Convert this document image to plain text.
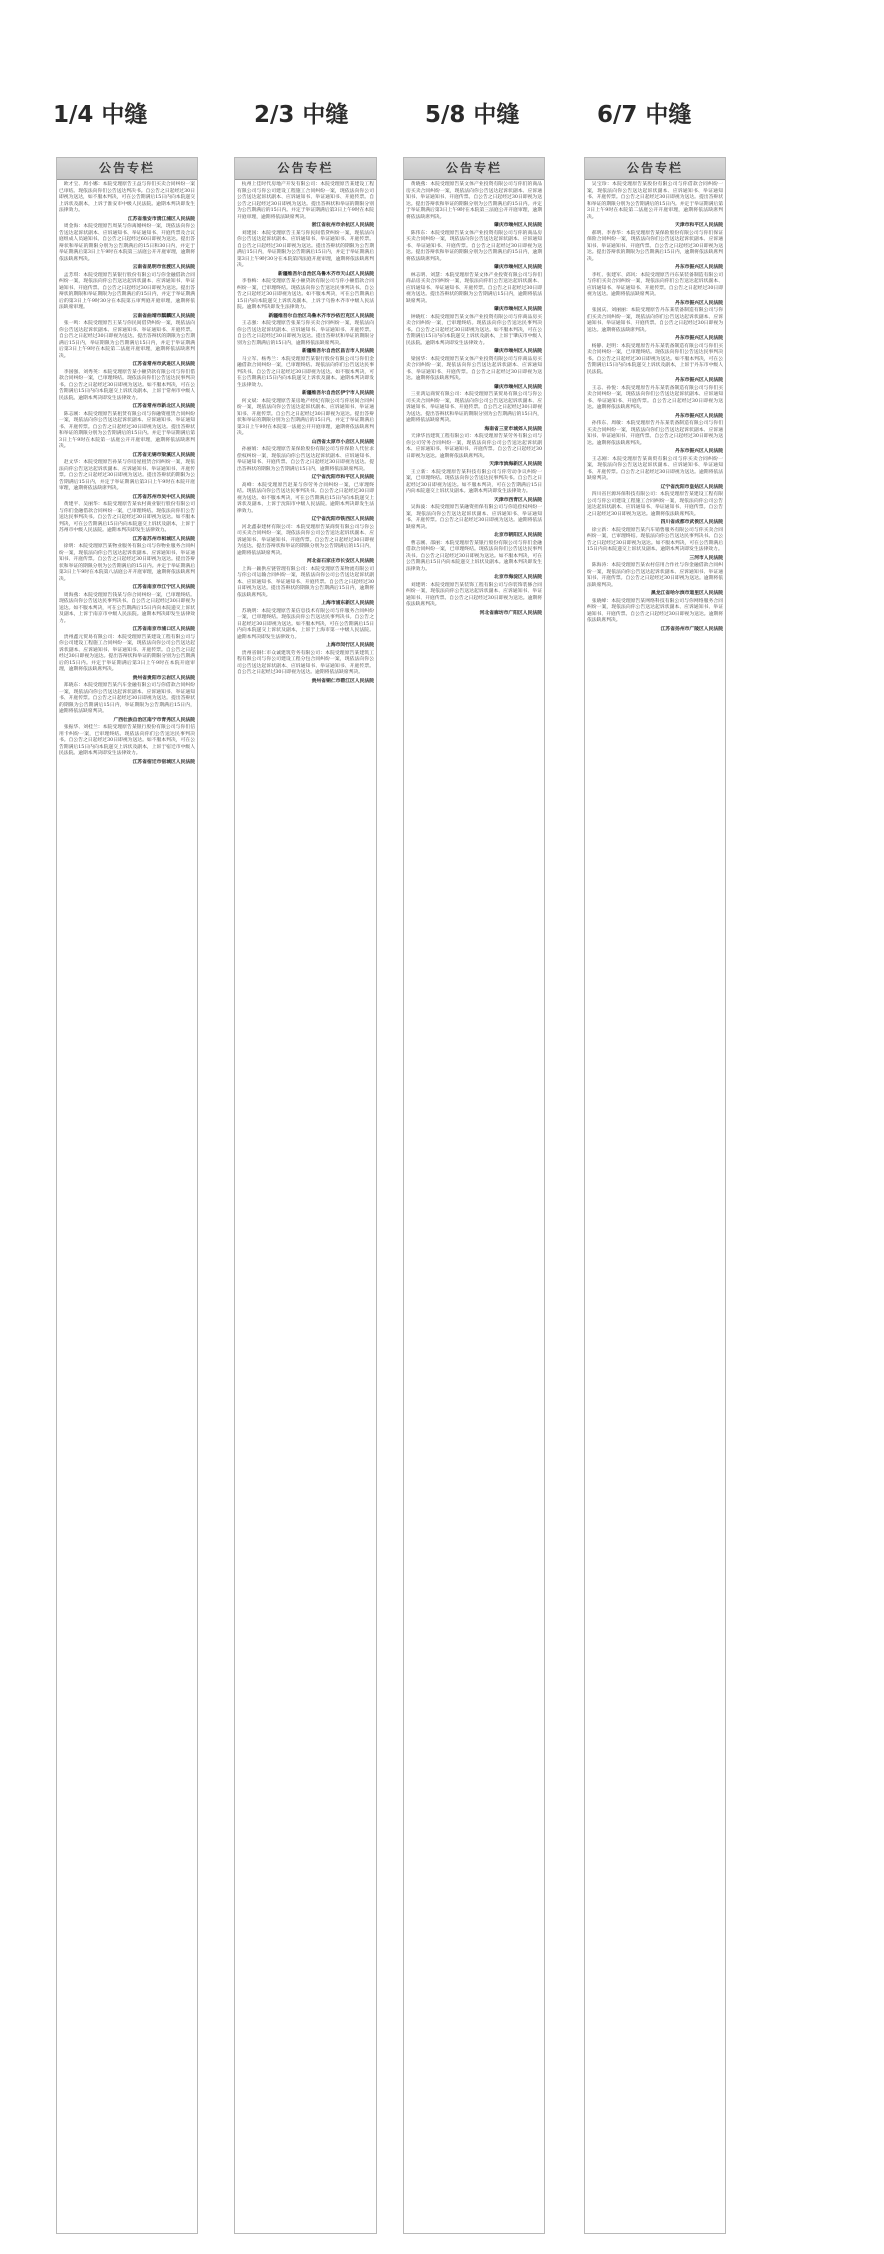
1/4 中缝	2/3 中缝	5/8 中缝	6/7 中缝
公告专栏

欧才宝、周小娜：本院受理原告王益与你们买卖合同纠纷一案已审结。现依法向你们公告送达判决书。自公告之日起经过30日即视为送达，如不服本判决，可在公告期满后15日内向本院递交上诉状及副本，上诉于淮安市中级人民法院。逾期本判决即发生法律效力。

江苏省淮安市清江浦区人民法院

周金海：本院受理原告周某与你离婚纠纷一案，现依法向你公告送达起诉状副本、应诉通知书、举证通知书、开庭传票及合议庭组成人员通知书。自公告之日起经过60日即视为送达。提出答辩状和举证的期限分别为公告期满后的15日和30日内，并定于举证期满后第3日上午9时在本院第三法庭公开开庭审理，逾期将依法缺席判决。

云南省昆明市官渡区人民法院

孟芳琪：本院受理原告某银行股份有限公司与你金融借款合同纠纷一案，现依法向你公告送达起诉状副本、应诉通知书、举证通知书、开庭传票。自公告之日起经过30日即视为送达。提出答辩状的期限和举证期限为公告期满后的15日内，并定于举证期满后的第3日上午9时30分在本院第五审判庭开庭审理，逾期将依法缺席审理。

云南省曲靖市麒麟区人民法院

张一鸣：本院受理原告王某与你民间借贷纠纷一案，现依法向你公告送达起诉状副本、应诉通知书、举证通知书、开庭传票。自公告之日起经过30日即视为送达。提出答辩状的期限为公告期满后15日内，举证期限为公告期满后15日内，并定于举证期满后第3日上午9时在本院第二法庭开庭审理，逾期将依法缺席判决。

江苏省常州市武进区人民法院

李国强、刘秀英：本院受理原告某小额贷款有限公司与你们借款合同纠纷一案，已审理终结。现依法向你们公告送达民事判决书。自公告之日起经过30日即视为送达。如不服本判决，可在公告期满后15日内向本院递交上诉状及副本，上诉于常州市中级人民法院。逾期本判决即发生法律效力。

江苏省常州市新北区人民法院

陈志刚：本院受理原告某租赁有限公司与你融资租赁合同纠纷一案，现依法向你公告送达起诉状副本、应诉通知书、举证通知书、开庭传票。自公告之日起经过30日即视为送达。提出答辩状和举证的期限分别为公告期满后的15日内。并定于举证期满后第3日上午9时在本院第一法庭公开开庭审理，逾期将依法缺席判决。

江苏省无锡市梁溪区人民法院

赵文华：本院受理原告孙某与你房屋租赁合同纠纷一案，现依法向你公告送达起诉状副本、应诉通知书、举证通知书、开庭传票。自公告之日起经过30日即视为送达。提出答辩状的期限为公告期满后15日内，并定于举证期满后第3日上午9时在本院开庭审理，逾期将依法缺席判决。

江苏省苏州市吴中区人民法院

黄建平、吴丽华：本院受理原告某农村商业银行股份有限公司与你们金融借款合同纠纷一案，已审理终结。现依法向你们公告送达民事判决书。自公告之日起经过30日即视为送达。如不服本判决，可在公告期满后15日内向本院递交上诉状及副本，上诉于苏州市中级人民法院。逾期本判决即发生法律效力。

江苏省苏州市相城区人民法院

徐明：本院受理原告某物业服务有限公司与你物业服务合同纠纷一案，现依法向你公告送达起诉状副本、应诉通知书、举证通知书、开庭传票。自公告之日起经过30日即视为送达。提出答辩状和举证的期限分别为公告期满后的15日内。并定于举证期满后第3日上午9时在本院第八法庭公开开庭审理，逾期将依法缺席判决。

江苏省南京市江宁区人民法院

周海燕：本院受理原告钱某与你合同纠纷一案，已审理终结。现依法向你公告送达民事判决书。自公告之日起经过30日即视为送达。如不服本判决，可在公告期满后15日内向本院递交上诉状及副本，上诉于南京市中级人民法院。逾期本判决即发生法律效力。

江苏省南京市浦口区人民法院

贵州鑫元贸易有限公司：本院受理原告某建设工程有限公司与你公司建设工程施工合同纠纷一案，现依法向你公司公告送达起诉状副本、应诉通知书、举证通知书、开庭传票。自公告之日起经过30日即视为送达。提出答辩状和举证的期限分别为公告期满后的15日内。并定于举证期满后第3日上午9时在本院开庭审理，逾期将依法缺席判决。

贵州省贵阳市云岩区人民法院

郑晓东：本院受理原告某汽车金融有限公司与你借款合同纠纷一案，现依法向你公告送达起诉状副本、应诉通知书、举证通知书、开庭传票。自公告之日起经过30日即视为送达。提出答辩状的期限为公告期满后15日内，举证期限为公告期满后15日内，逾期将依法缺席判决。

广西壮族自治区南宁市青秀区人民法院

张振华、刘桂兰：本院受理原告某银行股份有限公司与你们信用卡纠纷一案，已审理终结。现依法向你们公告送达民事判决书。自公告之日起经过30日即视为送达。如不服本判决，可在公告期满后15日内向本院递交上诉状及副本，上诉于宿迁市中级人民法院。逾期本判决即发生法律效力。

江苏省宿迁市宿城区人民法院

公告专栏

杭州上佳时代房地产开发有限公司：本院受理原告某建设工程有限公司与你公司建设工程施工合同纠纷一案，现依法向你公司公告送达起诉状副本、应诉通知书、举证通知书、开庭传票。自公告之日起经过30日即视为送达。提出答辩状和举证的期限分别为公告期满后的15日内。并定于举证期满后第3日上午9时在本院开庭审理，逾期将依法缺席判决。

浙江省杭州市余杭区人民法院

刘建国：本院受理原告王某与你民间借贷纠纷一案，现依法向你公告送达起诉状副本、应诉通知书、举证通知书、开庭传票。自公告之日起经过30日即视为送达。提出答辩状的期限为公告期满后15日内，举证期限为公告期满后15日内，并定于举证期满后第3日上午9时30分在本院第四法庭开庭审理，逾期将依法缺席判决。

新疆维吾尔自治区乌鲁木齐市天山区人民法院

李春梅：本院受理原告某小额贷款有限公司与你小额借款合同纠纷一案，已审理终结。现依法向你公告送达民事判决书。自公告之日起经过30日即视为送达。如不服本判决，可在公告期满后15日内向本院递交上诉状及副本，上诉于乌鲁木齐市中级人民法院。逾期本判决即发生法律效力。

新疆维吾尔自治区乌鲁木齐市沙依巴克区人民法院

王志强：本院受理原告张某与你买卖合同纠纷一案，现依法向你公告送达起诉状副本、应诉通知书、举证通知书、开庭传票。自公告之日起经过30日即视为送达。提出答辩状和举证的期限分别为公告期满后的15日内，逾期将依法缺席判决。

新疆维吾尔自治区昌吉市人民法院

马立军、杨秀兰：本院受理原告某银行股份有限公司与你们金融借款合同纠纷一案，已审理终结。现依法向你们公告送达民事判决书。自公告之日起经过30日即视为送达。如不服本判决，可在公告期满后15日内向本院递交上诉状及副本。逾期本判决即发生法律效力。

新疆维吾尔自治区伊宁市人民法院

何文斌：本院受理原告某房地产经纪有限公司与你居间合同纠纷一案，现依法向你公告送达起诉状副本、应诉通知书、举证通知书、开庭传票。自公告之日起经过30日即视为送达。提出答辩状和举证的期限分别为公告期满后的15日内。并定于举证期满后第3日上午9时在本院第一法庭公开开庭审理，逾期将依法缺席判决。

山西省太原市小店区人民法院

孙丽娟：本院受理原告某保险股份有限公司与你保险人代位求偿权纠纷一案，现依法向你公告送达起诉状副本、应诉通知书、举证通知书、开庭传票。自公告之日起经过30日即视为送达。提出答辩状的期限为公告期满后15日内，逾期将依法缺席判决。

辽宁省沈阳市和平区人民法院

高峰：本院受理原告赵某与你劳务合同纠纷一案，已审理终结。现依法向你公告送达民事判决书。自公告之日起经过30日即视为送达。如不服本判决，可在公告期满后15日内向本院递交上诉状及副本，上诉于沈阳市中级人民法院。逾期本判决即发生法律效力。

辽宁省沈阳市铁西区人民法院

河北鑫泰建材有限公司：本院受理原告某商贸有限公司与你公司买卖合同纠纷一案，现依法向你公司公告送达起诉状副本、应诉通知书、举证通知书、开庭传票。自公告之日起经过30日即视为送达。提出答辩状和举证的期限分别为公告期满后的15日内，逾期将依法缺席判决。

河北省石家庄市长安区人民法院

上海一颖供应链管理有限公司：本院受理原告某物流有限公司与你公司运输合同纠纷一案，现依法向你公司公告送达起诉状副本、应诉通知书、举证通知书、开庭传票。自公告之日起经过30日即视为送达。提出答辩状的期限为公告期满后15日内，逾期将依法缺席判决。

上海市浦东新区人民法院

苏晓明：本院受理原告某信息技术有限公司与你服务合同纠纷一案，已审理终结。现依法向你公告送达民事判决书。自公告之日起经过30日即视为送达。如不服本判决，可在公告期满后15日内向本院递交上诉状及副本，上诉于上海市第一中级人民法院。逾期本判决即发生法律效力。

上海市闵行区人民法院

贵州省铜仁市众诚建筑劳务有限公司：本院受理原告某建筑工程有限公司与你公司建设工程分包合同纠纷一案，现依法向你公司公告送达起诉状副本、应诉通知书、举证通知书、开庭传票。自公告之日起经过30日即视为送达。逾期将依法缺席判决。

贵州省铜仁市碧江区人民法院

公告专栏

黄晓燕：本院受理原告某文体产业投资有限公司与你们的商品房买卖合同纠纷一案，现依法向你公告送达起诉状副本、应诉通知书、举证通知书、开庭传票。自公告之日起经过30日即视为送达。提出答辩状和举证的期限分别为公告期满后的15日内。并定于举证期满后第3日上午9时在本院第三法庭公开开庭审理，逾期将依法缺席判决。

肇庆市端州区人民法院

陈伟东：本院受理原告某文体产业投资有限公司与你的商品房买卖合同纠纷一案，现依法向你公告送达起诉状副本、应诉通知书、举证通知书、开庭传票。自公告之日起经过30日即视为送达。提出答辩状和举证的期限分别为公告期满后的15日内，逾期将依法缺席判决。

肇庆市端州区人民法院

林志明、刘慧：本院受理原告某文体产业投资有限公司与你们商品房买卖合同纠纷一案，现依法向你们公告送达起诉状副本、应诉通知书、举证通知书、开庭传票。自公告之日起经过30日即视为送达。提出答辩状的期限为公告期满后15日内，逾期将依法缺席判决。

肇庆市端州区人民法院

钟晓红：本院受理原告某文体产业投资有限公司与你商品房买卖合同纠纷一案，已审理终结。现依法向你公告送达民事判决书。自公告之日起经过30日即视为送达。如不服本判决，可在公告期满后15日内向本院递交上诉状及副本，上诉于肇庆市中级人民法院。逾期本判决即发生法律效力。

肇庆市端州区人民法院

梁国华：本院受理原告某文体产业投资有限公司与你商品房买卖合同纠纷一案，现依法向你公告送达起诉状副本、应诉通知书、举证通知书、开庭传票。自公告之日起经过30日即视为送达。逾期将依法缺席判决。

肇庆市端州区人民法院

三亚鸿运商贸有限公司：本院受理原告某贸易有限公司与你公司买卖合同纠纷一案，现依法向你公司公告送达起诉状副本、应诉通知书、举证通知书、开庭传票。自公告之日起经过30日即视为送达。提出答辩状和举证的期限分别为公告期满后的15日内，逾期将依法缺席判决。

海南省三亚市城郊人民法院

天津华昌建筑工程有限公司：本院受理原告某劳务有限公司与你公司劳务合同纠纷一案，现依法向你公司公告送达起诉状副本、应诉通知书、举证通知书、开庭传票。自公告之日起经过30日即视为送达。逾期将依法缺席判决。

天津市滨海新区人民法院

王立新：本院受理原告某科技有限公司与你劳动争议纠纷一案，已审理终结。现依法向你公告送达民事判决书。自公告之日起经过30日即视为送达。如不服本判决，可在公告期满后15日内向本院递交上诉状及副本。逾期本判决即发生法律效力。

天津市西青区人民法院

吴海波：本院受理原告某融资担保有限公司与你追偿权纠纷一案，现依法向你公告送达起诉状副本、应诉通知书、举证通知书、开庭传票。自公告之日起经过30日即视为送达。逾期将依法缺席判决。

北京市朝阳区人民法院

曹志刚、邵丽：本院受理原告某银行股份有限公司与你们金融借款合同纠纷一案，已审理终结。现依法向你们公告送达民事判决书。自公告之日起经过30日即视为送达。如不服本判决，可在公告期满后15日内向本院递交上诉状及副本。逾期本判决即发生法律效力。

北京市海淀区人民法院

刘建明：本院受理原告某装饰工程有限公司与你装饰装修合同纠纷一案，现依法向你公告送达起诉状副本、应诉通知书、举证通知书、开庭传票。自公告之日起经过30日即视为送达。逾期将依法缺席判决。

河北省廊坊市广阳区人民法院

公告专栏

吴宝珍：本院受理原告某股份有限公司与你借款合同纠纷一案，现依法向你公告送达起诉状副本、应诉通知书、举证通知书、开庭传票。自公告之日起经过30日即视为送达。提出答辩状和举证的期限分别为公告期满后的15日内。并定于举证期满后第3日上午9时在本院第二法庭公开开庭审理，逾期将依法缺席判决。

天津市和平区人民法院

郝明、李春华：本院受理原告某保险股份有限公司与你们保证保险合同纠纷一案，现依法向你们公告送达起诉状副本、应诉通知书、举证通知书、开庭传票。自公告之日起经过30日即视为送达。提出答辩状的期限为公告期满后15日内，逾期将依法缺席判决。

丹东市振兴区人民法院

李红、张建军、邱风：本院受理原告丹东某装备制造有限公司与你们买卖合同纠纷一案，现依法向你们公告送达起诉状副本、应诉通知书、举证通知书、开庭传票。自公告之日起经过30日即视为送达。逾期将依法缺席判决。

丹东市振兴区人民法院

张国庆、刘丽丽：本院受理原告丹东某装备制造有限公司与你们买卖合同纠纷一案，现依法向你们公告送达起诉状副本、应诉通知书、举证通知书、开庭传票。自公告之日起经过30日即视为送达。逾期将依法缺席判决。

丹东市振兴区人民法院

杨静、赵明：本院受理原告丹东某装备制造有限公司与你们买卖合同纠纷一案，已审理终结。现依法向你们公告送达民事判决书。自公告之日起经过30日即视为送达。如不服本判决，可在公告期满后15日内向本院递交上诉状及副本，上诉于丹东市中级人民法院。

丹东市振兴区人民法院

王志、孙悦：本院受理原告丹东某装备制造有限公司与你们买卖合同纠纷一案，现依法向你们公告送达起诉状副本、应诉通知书、举证通知书、开庭传票。自公告之日起经过30日即视为送达。逾期将依法缺席判决。

丹东市振兴区人民法院

孙伟东、周敏：本院受理原告丹东某装备制造有限公司与你们买卖合同纠纷一案，现依法向你们公告送达起诉状副本、应诉通知书、举证通知书、开庭传票。自公告之日起经过30日即视为送达。逾期将依法缺席判决。

丹东市振兴区人民法院

王志刚：本院受理原告某商贸有限公司与你买卖合同纠纷一案，现依法向你公告送达起诉状副本、应诉通知书、举证通知书、开庭传票。自公告之日起经过30日即视为送达。逾期将依法缺席判决。

辽宁省沈阳市皇姑区人民法院

四川省巨源环保科技有限公司：本院受理原告某建设工程有限公司与你公司建设工程施工合同纠纷一案，现依法向你公司公告送达起诉状副本、应诉通知书、举证通知书、开庭传票。自公告之日起经过30日即视为送达。逾期将依法缺席判决。

四川省成都市武侯区人民法院

徐立新：本院受理原告某汽车销售服务有限公司与你买卖合同纠纷一案，已审理终结。现依法向你公告送达民事判决书。自公告之日起经过30日即视为送达。如不服本判决，可在公告期满后15日内向本院递交上诉状及副本。逾期本判决即发生法律效力。

三河市人民法院

陈海涛：本院受理原告某农村信用合作社与你金融借款合同纠纷一案，现依法向你公告送达起诉状副本、应诉通知书、举证通知书、开庭传票。自公告之日起经过30日即视为送达。逾期将依法缺席判决。

黑龙江省哈尔滨市道里区人民法院

张晓峰：本院受理原告某网络科技有限公司与你网络服务合同纠纷一案，现依法向你公告送达起诉状副本、应诉通知书、举证通知书、开庭传票。自公告之日起经过30日即视为送达。逾期将依法缺席判决。

江苏省扬州市广陵区人民法院
